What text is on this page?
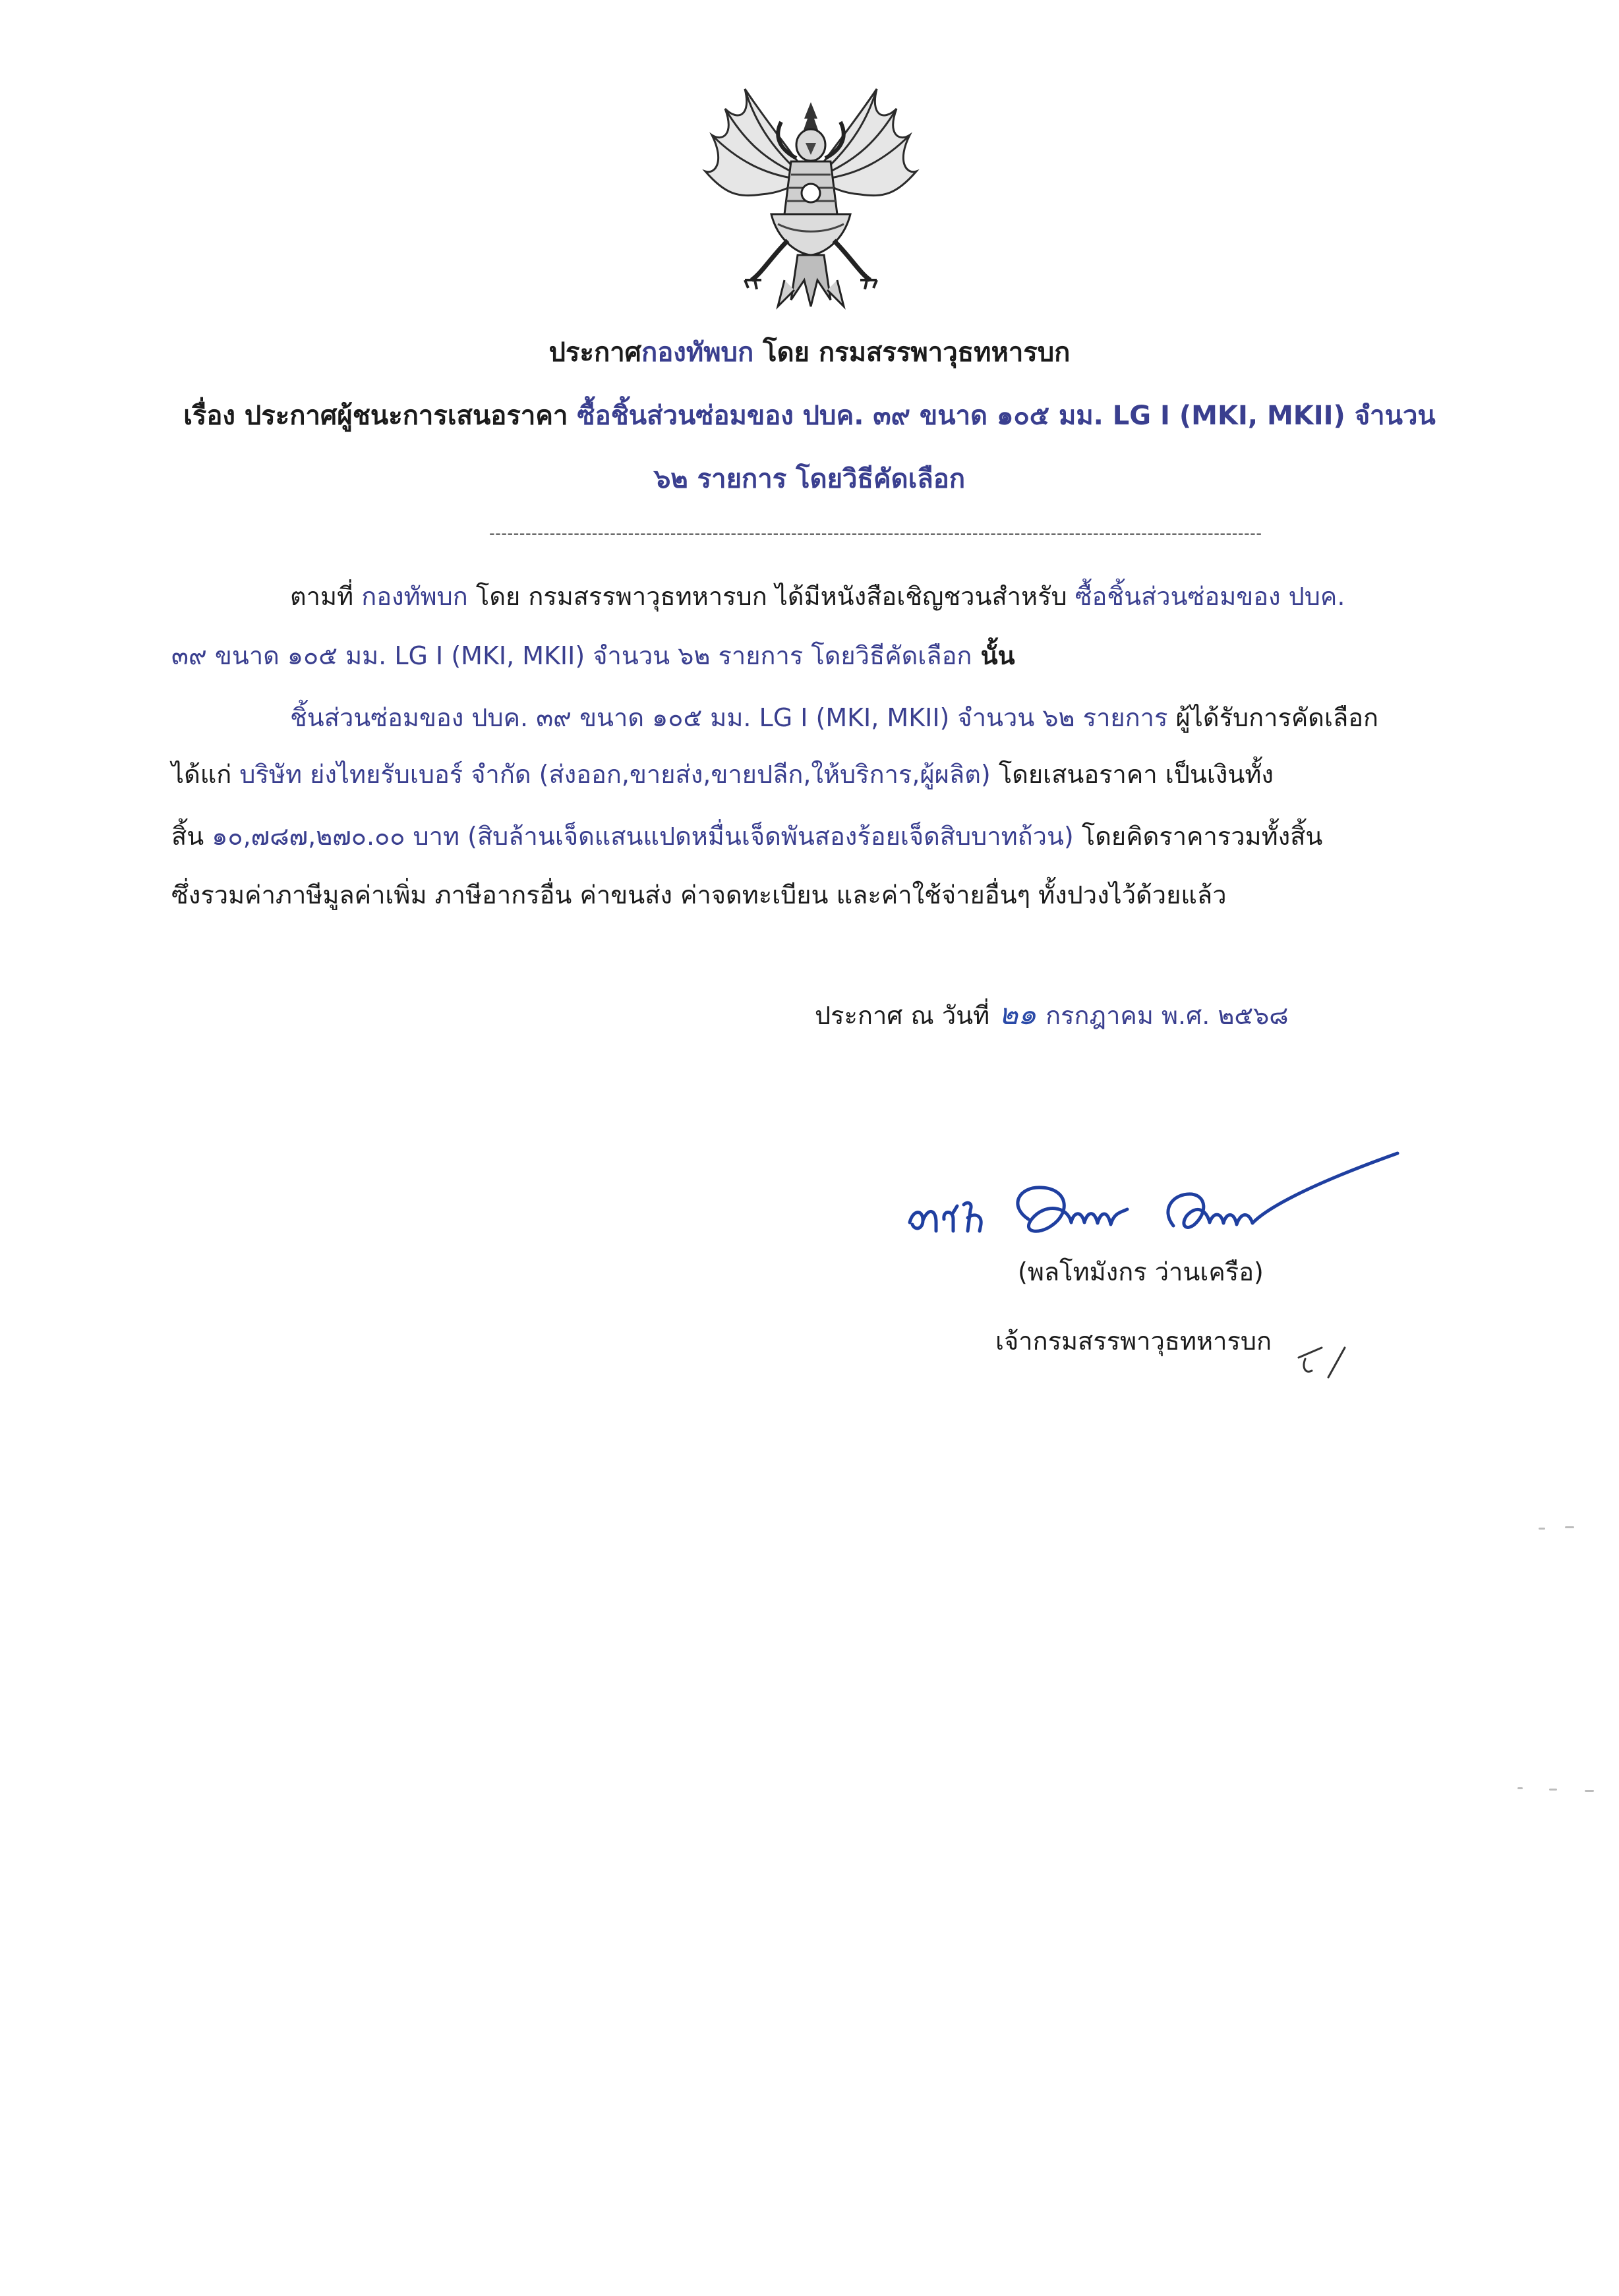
ประกาศกองทัพบก โดย กรมสรรพาวุธทหารบก
เรื่อง ประกาศผู้ชนะการเสนอราคา ซื้อชิ้นส่วนซ่อมของ ปบค. ๓๙ ขนาด ๑๐๕ มม. LG I (MKI, MKII) จำนวน
๖๒ รายการ โดยวิธีคัดเลือก
--------------------------------------------------------------------------------------------------------------------------------
ตามที่ กองทัพบก โดย กรมสรรพาวุธทหารบก ได้มีหนังสือเชิญชวนสำหรับ ซื้อชิ้นส่วนซ่อมของ ปบค.
๓๙ ขนาด ๑๐๕ มม. LG I (MKI, MKII) จำนวน ๖๒ รายการ โดยวิธีคัดเลือก นั้น
ชิ้นส่วนซ่อมของ ปบค. ๓๙ ขนาด ๑๐๕ มม. LG I (MKI, MKII) จำนวน ๖๒ รายการ ผู้ได้รับการคัดเลือก
ได้แก่ บริษัท ย่งไทยรับเบอร์ จำกัด (ส่งออก,ขายส่ง,ขายปลีก,ให้บริการ,ผู้ผลิต) โดยเสนอราคา เป็นเงินทั้ง
สิ้น ๑๐,๗๘๗,๒๗๐.๐๐ บาท (สิบล้านเจ็ดแสนแปดหมื่นเจ็ดพันสองร้อยเจ็ดสิบบาทถ้วน) โดยคิดราคารวมทั้งสิ้น
ซึ่งรวมค่าภาษีมูลค่าเพิ่ม ภาษีอากรอื่น ค่าขนส่ง ค่าจดทะเบียน และค่าใช้จ่ายอื่นๆ ทั้งปวงไว้ด้วยแล้ว
ประกาศ ณ วันที่ ๒๑ กรกฎาคม พ.ศ. ๒๕๖๘
(พลโทมังกร ว่านเครือ)
เจ้ากรมสรรพาวุธทหารบก
